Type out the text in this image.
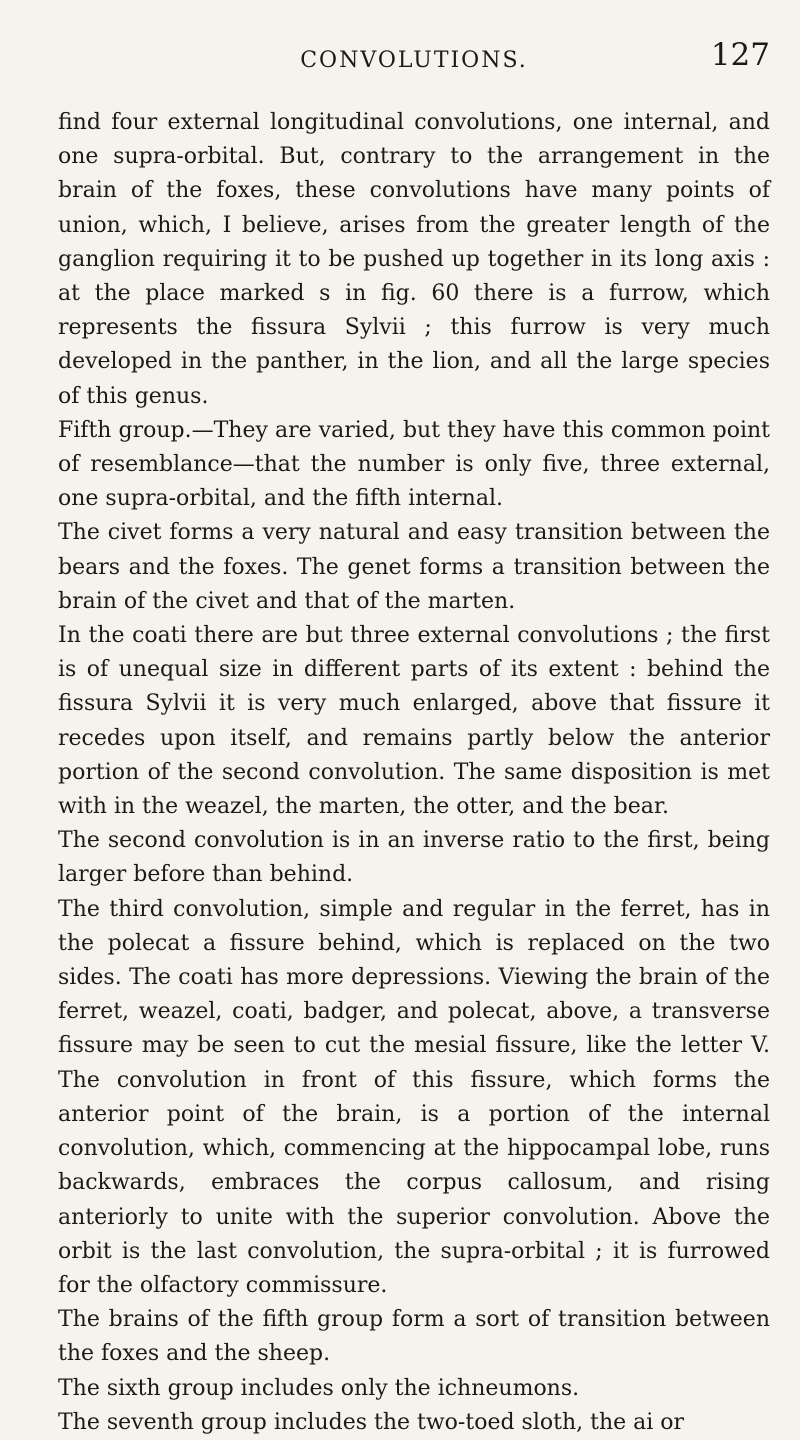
CONVOLUTIONS.	127

find four external longitudinal convolutions, one internal, and one supra-orbital. But, contrary to the arrangement in the brain of the foxes, these convolutions have many points of union, which, I believe, arises from the greater length of the ganglion requiring it to be pushed up together in its long axis : at the place marked s in fig. 60 there is a furrow, which represents the fissura Sylvii ; this furrow is very much developed in the panther, in the lion, and all the large species of this genus.

Fifth group.—They are varied, but they have this common point of resemblance—that the number is only five, three external, one supra-orbital, and the fifth internal.

The civet forms a very natural and easy transition between the bears and the foxes. The genet forms a transition between the brain of the civet and that of the marten.

In the coati there are but three external convolutions ; the first is of unequal size in different parts of its extent : behind the fissura Sylvii it is very much enlarged, above that fissure it recedes upon itself, and remains partly below the anterior portion of the second convolution. The same disposition is met with in the weazel, the marten, the otter, and the bear.

The second convolution is in an inverse ratio to the first, being larger before than behind.

The third convolution, simple and regular in the ferret, has in the polecat a fissure behind, which is replaced on the two sides. The coati has more depressions. Viewing the brain of the ferret, weazel, coati, badger, and polecat, above, a transverse fissure may be seen to cut the mesial fissure, like the letter V. The convolution in front of this fissure, which forms the anterior point of the brain, is a portion of the internal convolution, which, commencing at the hippocampal lobe, runs backwards, embraces the corpus callosum, and rising anteriorly to unite with the superior convolution. Above the orbit is the last convolution, the supra-orbital ; it is furrowed for the olfactory commissure.

The brains of the fifth group form a sort of transition between the foxes and the sheep.

The sixth group includes only the ichneumons.

The seventh group includes the two-toed sloth, the ai or
